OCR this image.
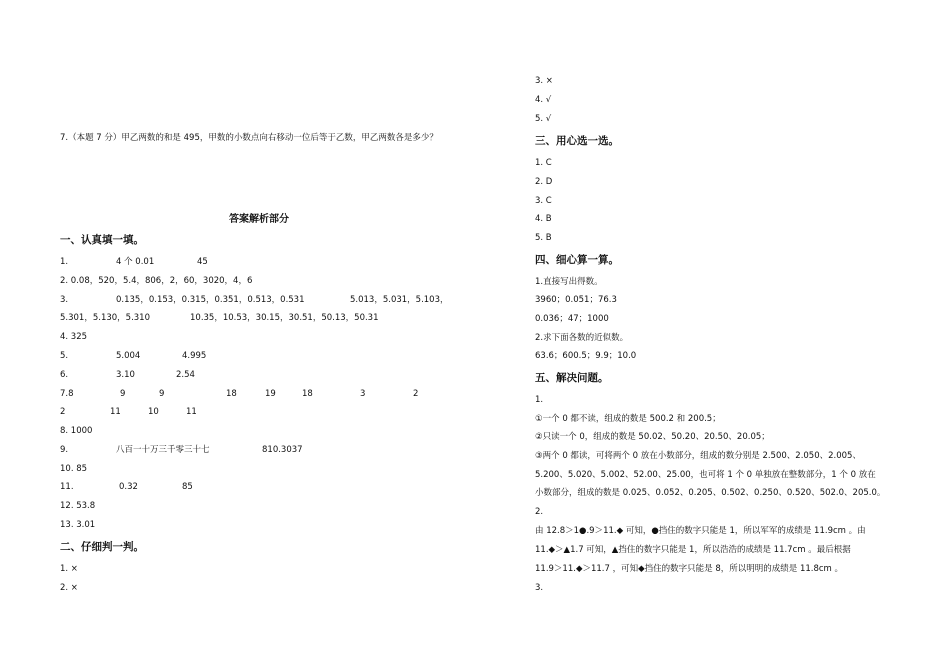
7.（本题 7 分）甲乙两数的和是 495，甲数的小数点向右移动一位后等于乙数，甲乙两数各是多少？
答案解析部分
一、认真填一填。
1.	4 个 0.01	45
2. 0.08，520，5.4，806，2，60，3020，4，6
3.	0.135，0.153，0.315，0.351，0.513，0.531	5.013，5.031，5.103，
5.301，5.130，5.310	10.35，10.53，30.15，30.51，50.13，50.31
4. 325
5.	5.004	4.995
6.	3.10	2.54
7.8	9	9	18	19	18	3	2
2	11	10	11
8. 1000
9.	八百一十万三千零三十七	810.3037
10. 85
11.	0.32	85
12. 53.8
13. 3.01
二、仔细判一判。
1. ×
2. ×
3. ×
4. √
5. √
三、用心选一选。
1. C
2. D
3. C
4. B
5. B
四、细心算一算。
1.直接写出得数。
3960；0.051；76.3
0.036；47；1000
2.求下面各数的近似数。
63.6；600.5；9.9；10.0
五、解决问题。
1.
①一个 0 都不读，组成的数是 500.2 和 200.5；
②只读一个 0，组成的数是 50.02、50.20、20.50、20.05；
③两个 0 都读，可将两个 0 放在小数部分，组成的数分别是 2.500、2.050、2.005、
5.200、5.020、5.002、52.00、25.00，也可将 1 个 0 单独放在整数部分，1 个 0 放在
小数部分，组成的数是 0.025、0.052、0.205、0.502、0.250、0.520、502.0、205.0。
2.
由 12.8＞1●.9＞11.◆ 可知，●挡住的数字只能是 1，所以军军的成绩是 11.9cm 。由
11.◆＞▲1.7 可知，▲挡住的数字只能是 1，所以浩浩的成绩是 11.7cm 。最后根据
11.9＞11.◆＞11.7 ，可知◆挡住的数字只能是 8，所以明明的成绩是 11.8cm 。
3.
